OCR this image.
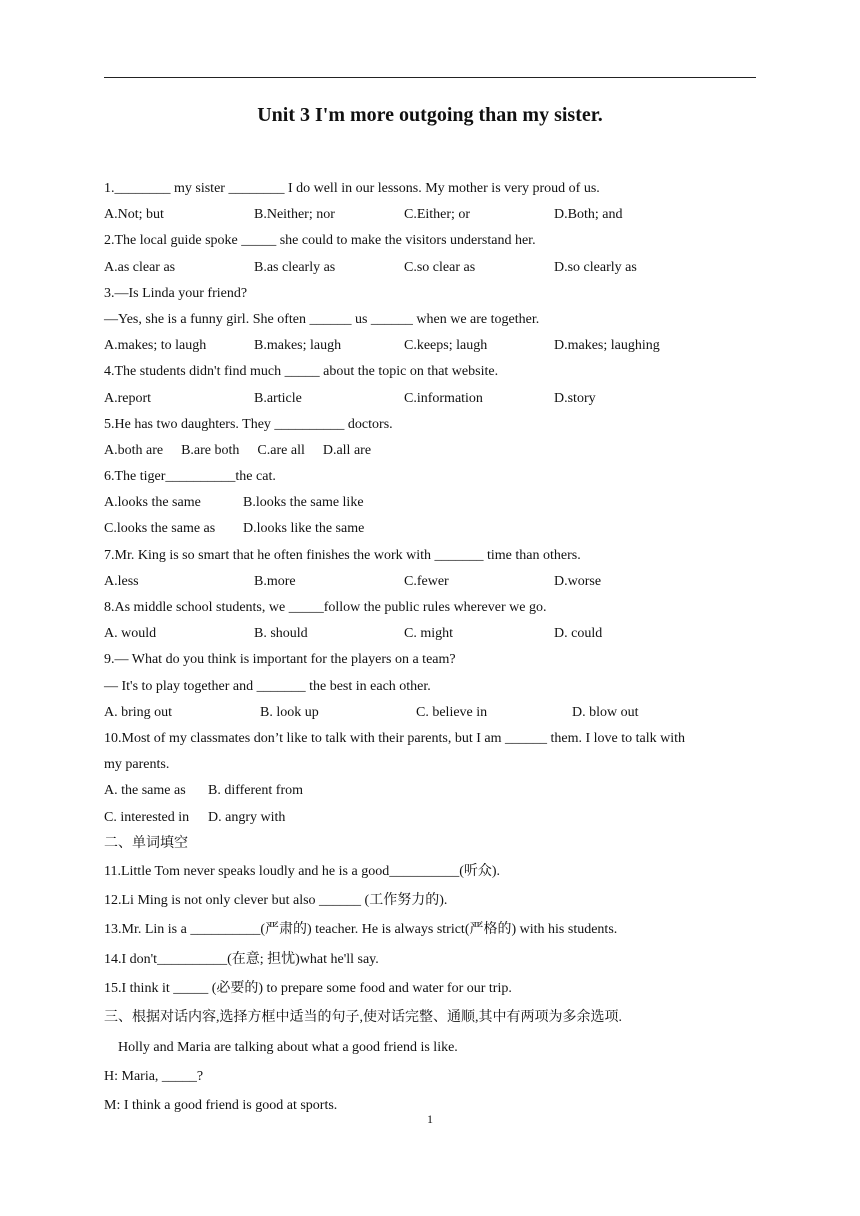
Unit 3 I'm more outgoing than my sister.
1.________ my sister ________ I do well in our lessons. My mother is very proud of us.
A.Not; but	B.Neither; nor	C.Either; or	D.Both; and
2.The local guide spoke _____ she could to make the visitors understand her.
A.as clear as	B.as clearly as	C.so clear as	D.so clearly as
3.—Is Linda your friend?
—Yes, she is a funny girl. She often ______ us ______ when we are together.
A.makes; to laugh	B.makes; laugh	C.keeps; laugh	D.makes; laughing
4.The students didn't find much _____ about the topic on that website.
A.report	B.article	C.information	D.story
5.He has two daughters. They __________ doctors.
A.both are B.are both C.are all D.all are
6.The tiger__________the cat.
A.looks the same	B.looks the same like
C.looks the same as	D.looks like the same
7.Mr. King is so smart that he often finishes the work with _______ time than others.
A.less	B.more	C.fewer	D.worse
8.As middle school students, we _____follow the public rules wherever we go.
A. would	B. should	C. might	D. could
9.— What do you think is important for the players on a team?
— It's to play together and _______ the best in each other.
A. bring out	B. look up	C. believe in	D. blow out
10.Most of my classmates don’t like to talk with their parents, but I am ______ them. I love to talk with
my parents.
A. the same as	B. different from
C. interested in	D. angry with
二、单词填空
11.Little Tom never speaks loudly and he is a good__________(听众).
12.Li Ming is not only clever but also ______ (工作努力的).
13.Mr. Lin is a __________(严肃的) teacher. He is always strict(严格的) with his students.
14.I don't__________(在意; 担忧)what he'll say.
15.I think it _____ (必要的) to prepare some food and water for our trip.
三、根据对话内容,选择方框中适当的句子,使对话完整、通顺,其中有两项为多余选项.
Holly and Maria are talking about what a good friend is like.
H: Maria, _____?
M: I think a good friend is good at sports.
1
